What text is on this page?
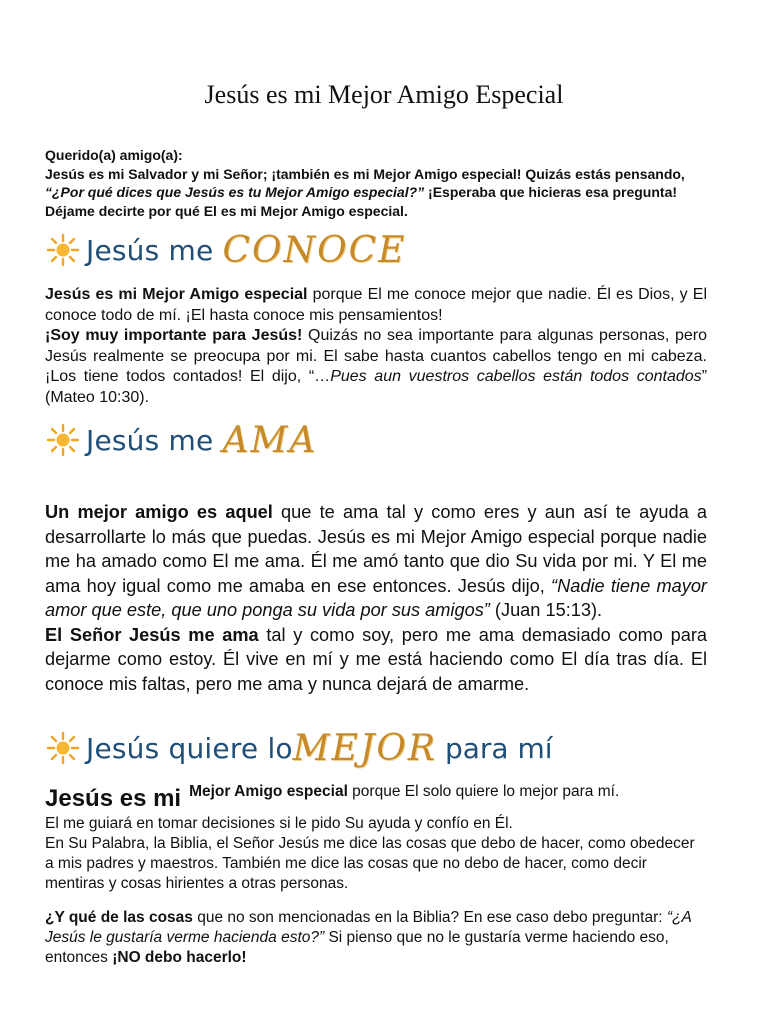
Jesús es mi Mejor Amigo Especial
Querido(a) amigo(a):
Jesús es mi Salvador y mi Señor; ¡también es mi Mejor Amigo especial! Quizás estás pensando, “¿Por qué dices que Jesús es tu Mejor Amigo especial?” ¡Esperaba que hicieras esa pregunta! Déjame decirte por qué El es mi Mejor Amigo especial.
Jesús me CONOCE
Jesús es mi Mejor Amigo especial porque El me conoce mejor que nadie. Él es Dios, y El conoce todo de mí. ¡El hasta conoce mis pensamientos!
¡Soy muy importante para Jesús! Quizás no sea importante para algunas personas, pero Jesús realmente se preocupa por mi. El sabe hasta cuantos cabellos tengo en mi cabeza. ¡Los tiene todos contados! El dijo, “…Pues aun vuestros cabellos están todos contados” (Mateo 10:30).
Jesús me AMA
Un mejor amigo es aquel que te ama tal y como eres y aun así te ayuda a desarrollarte lo más que puedas. Jesús es mi Mejor Amigo especial porque nadie me ha amado como El me ama. Él me amó tanto que dio Su vida por mi. Y El me ama hoy igual como me amaba en ese entonces. Jesús dijo, “Nadie tiene mayor amor que este, que uno ponga su vida por sus amigos” (Juan 15:13).
El Señor Jesús me ama tal y como soy, pero me ama demasiado como para dejarme como estoy. Él vive en mí y me está haciendo como El día tras día. El conoce mis faltas, pero me ama y nunca dejará de amarme.
Jesús quiere lo MEJOR para mí
Jesús es mi Mejor Amigo especial porque El solo quiere lo mejor para mí.
El me guiará en tomar decisiones si le pido Su ayuda y confío en Él.
En Su Palabra, la Biblia, el Señor Jesús me dice las cosas que debo de hacer, como obedecer a mis padres y maestros. También me dice las cosas que no debo de hacer, como decir mentiras y cosas hirientes a otras personas.
¿Y qué de las cosas que no son mencionadas en la Biblia? En ese caso debo preguntar: “¿A Jesús le gustaría verme hacienda esto?” Si pienso que no le gustaría verme haciendo eso, entonces ¡NO debo hacerlo!
